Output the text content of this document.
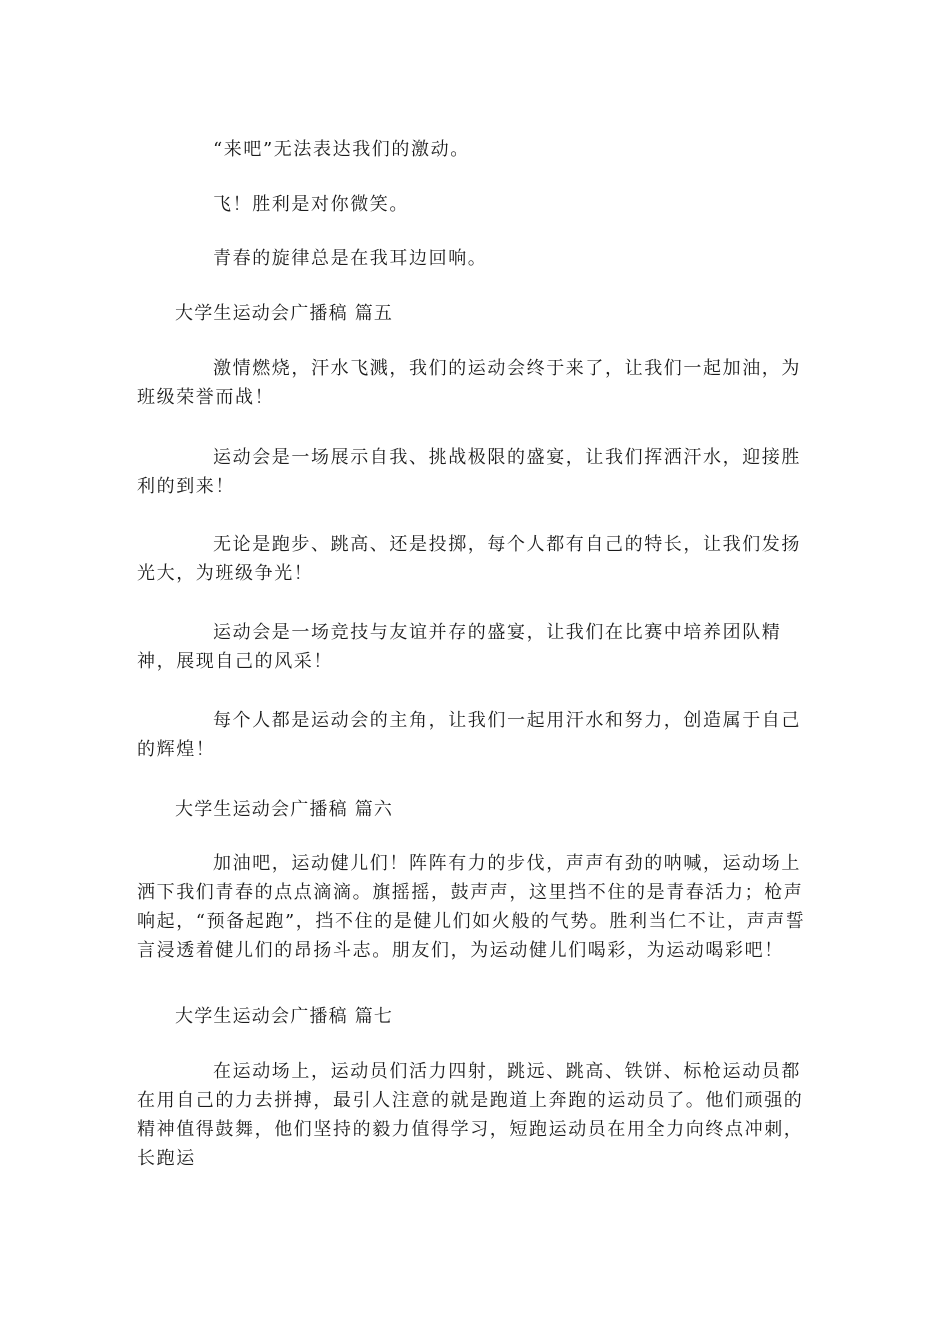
“来吧”无法表达我们的激动。

飞！胜利是对你微笑。

青春的旋律总是在我耳边回响。

大学生运动会广播稿 篇五

激情燃烧，汗水飞溅，我们的运动会终于来了，让我们一起加油，为班级荣誉而战！

运动会是一场展示自我、挑战极限的盛宴，让我们挥洒汗水，迎接胜利的到来！

无论是跑步、跳高、还是投掷，每个人都有自己的特长，让我们发扬光大，为班级争光！

运动会是一场竞技与友谊并存的盛宴，让我们在比赛中培养团队精神，展现自己的风采！

每个人都是运动会的主角，让我们一起用汗水和努力，创造属于自己的辉煌！

大学生运动会广播稿 篇六

加油吧，运动健儿们！阵阵有力的步伐，声声有劲的呐喊，运动场上洒下我们青春的点点滴滴。旗摇摇，鼓声声，这里挡不住的是青春活力；枪声响起，“预备起跑”，挡不住的是健儿们如火般的气势。胜利当仁不让，声声誓言浸透着健儿们的昂扬斗志。朋友们，为运动健儿们喝彩，为运动喝彩吧！

大学生运动会广播稿 篇七

在运动场上，运动员们活力四射，跳远、跳高、铁饼、标枪运动员都在用自己的力去拼搏，最引人注意的就是跑道上奔跑的运动员了。他们顽强的精神值得鼓舞，他们坚持的毅力值得学习，短跑运动员在用全力向终点冲刺，长跑运
